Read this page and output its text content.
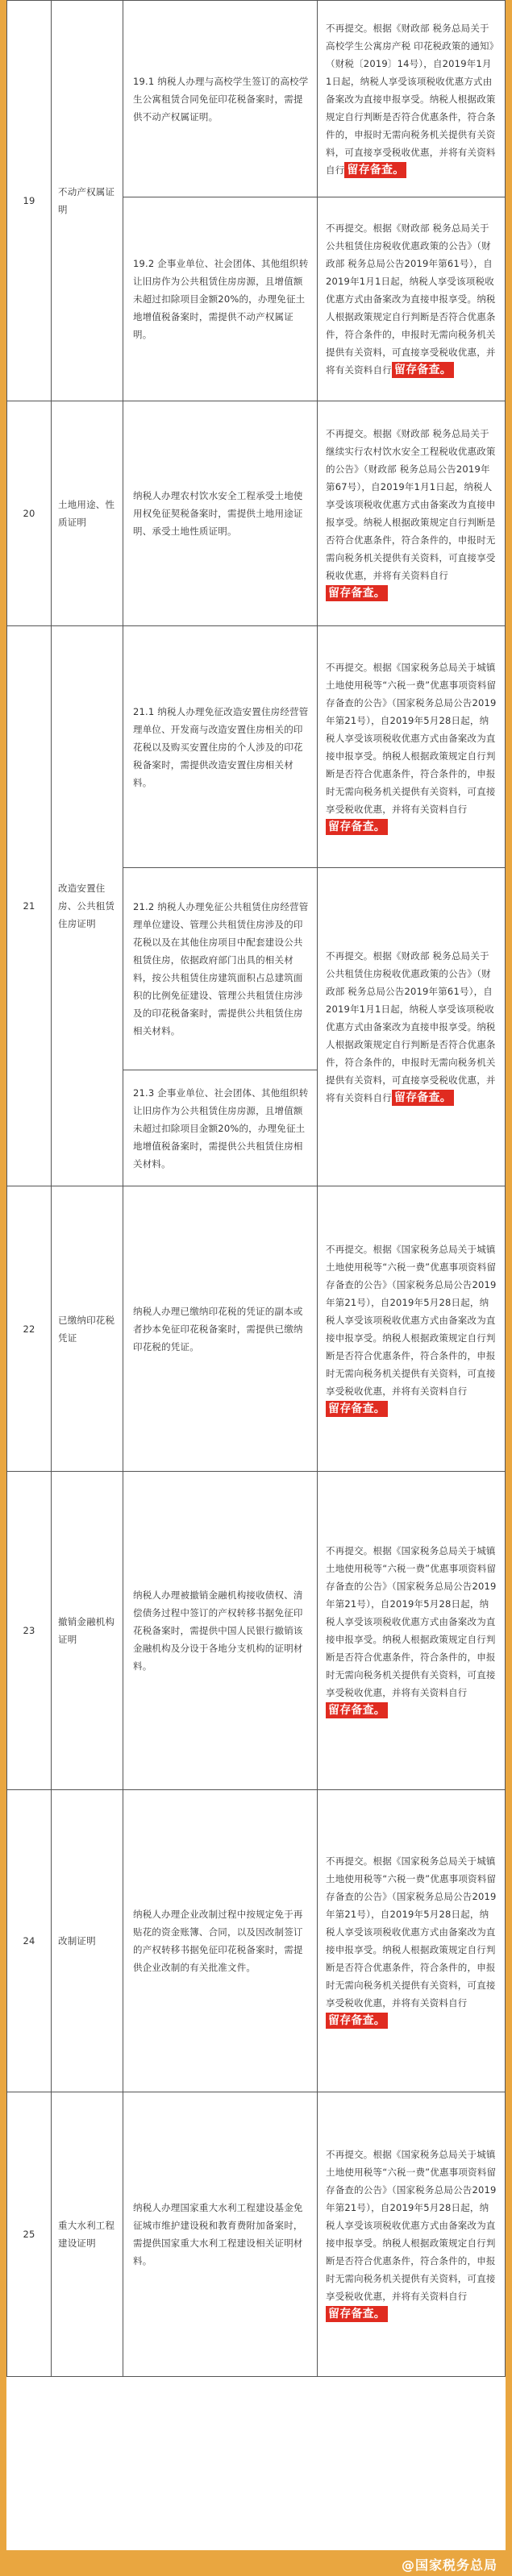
19	不动产权属证明	19.1 纳税人办理与高校学生签订的高校学生公寓租赁合同免征印花税备案时，需提供不动产权属证明。	不再提交。根据《财政部 税务总局关于高校学生公寓房产税 印花税政策的通知》（财税〔2019〕14号），自2019年1月1日起，纳税人享受该项税收优惠方式由备案改为直接申报享受。纳税人根据政策规定自行判断是否符合优惠条件，符合条件的，申报时无需向税务机关提供有关资料，可直接享受税收优惠，并将有关资料自行 留存备查。
		19.2 企事业单位、社会团体、其他组织转让旧房作为公共租赁住房房源，且增值额未超过扣除项目金额20%的，办理免征土地增值税备案时，需提供不动产权属证明。	不再提交。根据《财政部 税务总局关于公共租赁住房税收优惠政策的公告》（财政部 税务总局公告2019年第61号），自2019年1月1日起，纳税人享受该项税收优惠方式由备案改为直接申报享受。纳税人根据政策规定自行判断是否符合优惠条件，符合条件的，申报时无需向税务机关提供有关资料，可直接享受税收优惠，并将有关资料自行 留存备查。
20	土地用途、性质证明	纳税人办理农村饮水安全工程承受土地使用权免征契税备案时，需提供土地用途证明、承受土地性质证明。	不再提交。根据《财政部 税务总局关于继续实行农村饮水安全工程税收优惠政策的公告》（财政部 税务总局公告2019年第67号），自2019年1月1日起，纳税人享受该项税收优惠方式由备案改为直接申报享受。纳税人根据政策规定自行判断是否符合优惠条件，符合条件的，申报时无需向税务机关提供有关资料，可直接享受税收优惠，并将有关资料自行留存备查。
21	改造安置住房、公共租赁住房证明	21.1 纳税人办理免征改造安置住房经营管理单位、开发商与改造安置住房相关的印花税以及购买安置住房的个人涉及的印花税备案时，需提供改造安置住房相关材料。	不再提交。根据《国家税务总局关于城镇土地使用税等“六税一费”优惠事项资料留存备查的公告》（国家税务总局公告2019年第21号），自2019年5月28日起，纳税人享受该项税收优惠方式由备案改为直接申报享受。纳税人根据政策规定自行判断是否符合优惠条件，符合条件的，申报时无需向税务机关提供有关资料，可直接享受税收优惠，并将有关资料自行留存备查。
		21.2 纳税人办理免征公共租赁住房经营管理单位建设、管理公共租赁住房涉及的印花税以及在其他住房项目中配套建设公共租赁住房，依据政府部门出具的相关材料，按公共租赁住房建筑面积占总建筑面积的比例免征建设、管理公共租赁住房涉及的印花税备案时，需提供公共租赁住房相关材料。	不再提交。根据《财政部 税务总局关于公共租赁住房税收优惠政策的公告》（财政部 税务总局公告2019年第61号），自2019年1月1日起，纳税人享受该项税收优惠方式由备案改为直接申报享受。纳税人根据政策规定自行判断是否符合优惠条件，符合条件的，申报时无需向税务机关提供有关资料，可直接享受税收优惠，并将有关资料自行 留存备查。
		21.3 企事业单位、社会团体、其他组织转让旧房作为公共租赁住房房源，且增值额未超过扣除项目金额20%的，办理免征土地增值税备案时，需提供公共租赁住房相关材料。	
22	已缴纳印花税凭证	纳税人办理已缴纳印花税的凭证的副本或者抄本免征印花税备案时，需提供已缴纳印花税的凭证。	不再提交。根据《国家税务总局关于城镇土地使用税等“六税一费”优惠事项资料留存备查的公告》（国家税务总局公告2019年第21号），自2019年5月28日起，纳税人享受该项税收优惠方式由备案改为直接申报享受。纳税人根据政策规定自行判断是否符合优惠条件，符合条件的，申报时无需向税务机关提供有关资料，可直接享受税收优惠，并将有关资料自行留存备查。
23	撤销金融机构证明	纳税人办理被撤销金融机构接收债权、清偿债务过程中签订的产权转移书据免征印花税备案时，需提供中国人民银行撤销该金融机构及分设于各地分支机构的证明材料。	不再提交。根据《国家税务总局关于城镇土地使用税等“六税一费”优惠事项资料留存备查的公告》（国家税务总局公告2019年第21号），自2019年5月28日起，纳税人享受该项税收优惠方式由备案改为直接申报享受。纳税人根据政策规定自行判断是否符合优惠条件，符合条件的，申报时无需向税务机关提供有关资料，可直接享受税收优惠，并将有关资料自行留存备查。
24	改制证明	纳税人办理企业改制过程中按规定免于再贴花的资金账簿、合同，以及因改制签订的产权转移书据免征印花税备案时，需提供企业改制的有关批准文件。	不再提交。根据《国家税务总局关于城镇土地使用税等“六税一费”优惠事项资料留存备查的公告》（国家税务总局公告2019年第21号），自2019年5月28日起，纳税人享受该项税收优惠方式由备案改为直接申报享受。纳税人根据政策规定自行判断是否符合优惠条件，符合条件的，申报时无需向税务机关提供有关资料，可直接享受税收优惠，并将有关资料自行留存备查。
25	重大水利工程建设证明	纳税人办理国家重大水利工程建设基金免征城市维护建设税和教育费附加备案时，需提供国家重大水利工程建设相关证明材料。	不再提交。根据《国家税务总局关于城镇土地使用税等“六税一费”优惠事项资料留存备查的公告》（国家税务总局公告2019年第21号），自2019年5月28日起，纳税人享受该项税收优惠方式由备案改为直接申报享受。纳税人根据政策规定自行判断是否符合优惠条件，符合条件的，申报时无需向税务机关提供有关资料，可直接享受税收优惠，并将有关资料自行留存备查。
@国家税务总局
